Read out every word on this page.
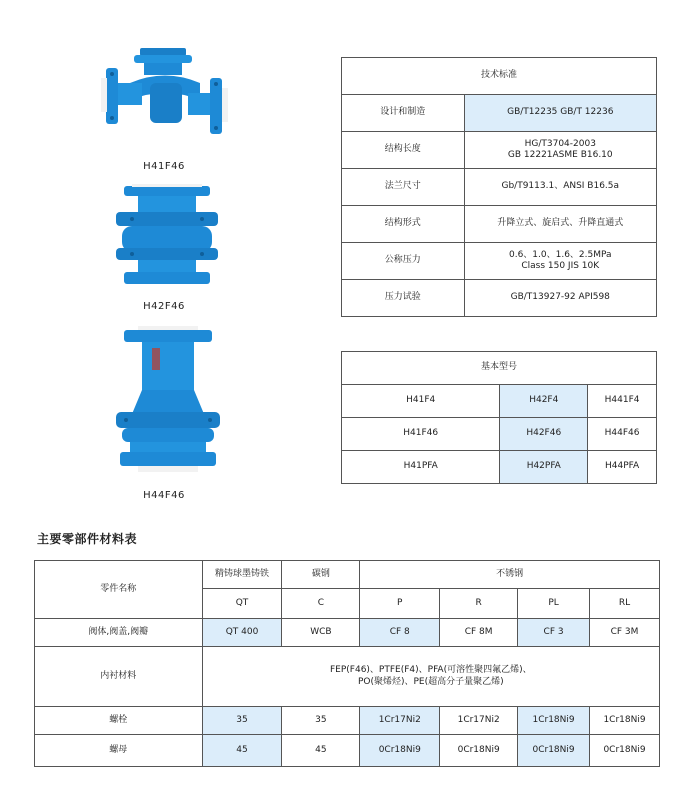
H41F46
H42F46
H44F46
技术标准	
设计和制造	GB/T12235 GB/T 12236
结构长度	HG/T3704-2003
GB 12221ASME B16.10

法兰尺寸	Gb/T9113.1、ANSI B16.5a
结构形式	升降立式、旋启式、升降直通式
公称压力	0.6、1.0、1.6、2.5MPa
Class 150 JIS 10K

压力试验	GB/T13927-92 API598
基本型号		
H41F4	H42F4	H441F4
H41F46	H42F46	H44F46
H41PFA	H42PFA	H44PFA
主要零部件材料表
零件名称	精铸球墨铸铁	碳钢	不锈钢			
	QT	C	P	R	PL	RL
阀体,阀盖,阀瓣	QT 400	WCB	CF 8	CF 8M	CF 3	CF 3M
内衬材料	FEP(F46)、PTFE(F4)、PFA(可溶性聚四氟乙烯)、
PO(聚烯烃)、PE(超高分子量聚乙烯)					

螺栓	35	35	1Cr17Ni2	1Cr17Ni2	1Cr18Ni9	1Cr18Ni9
螺母	45	45	0Cr18Ni9	0Cr18Ni9	0Cr18Ni9	0Cr18Ni9
